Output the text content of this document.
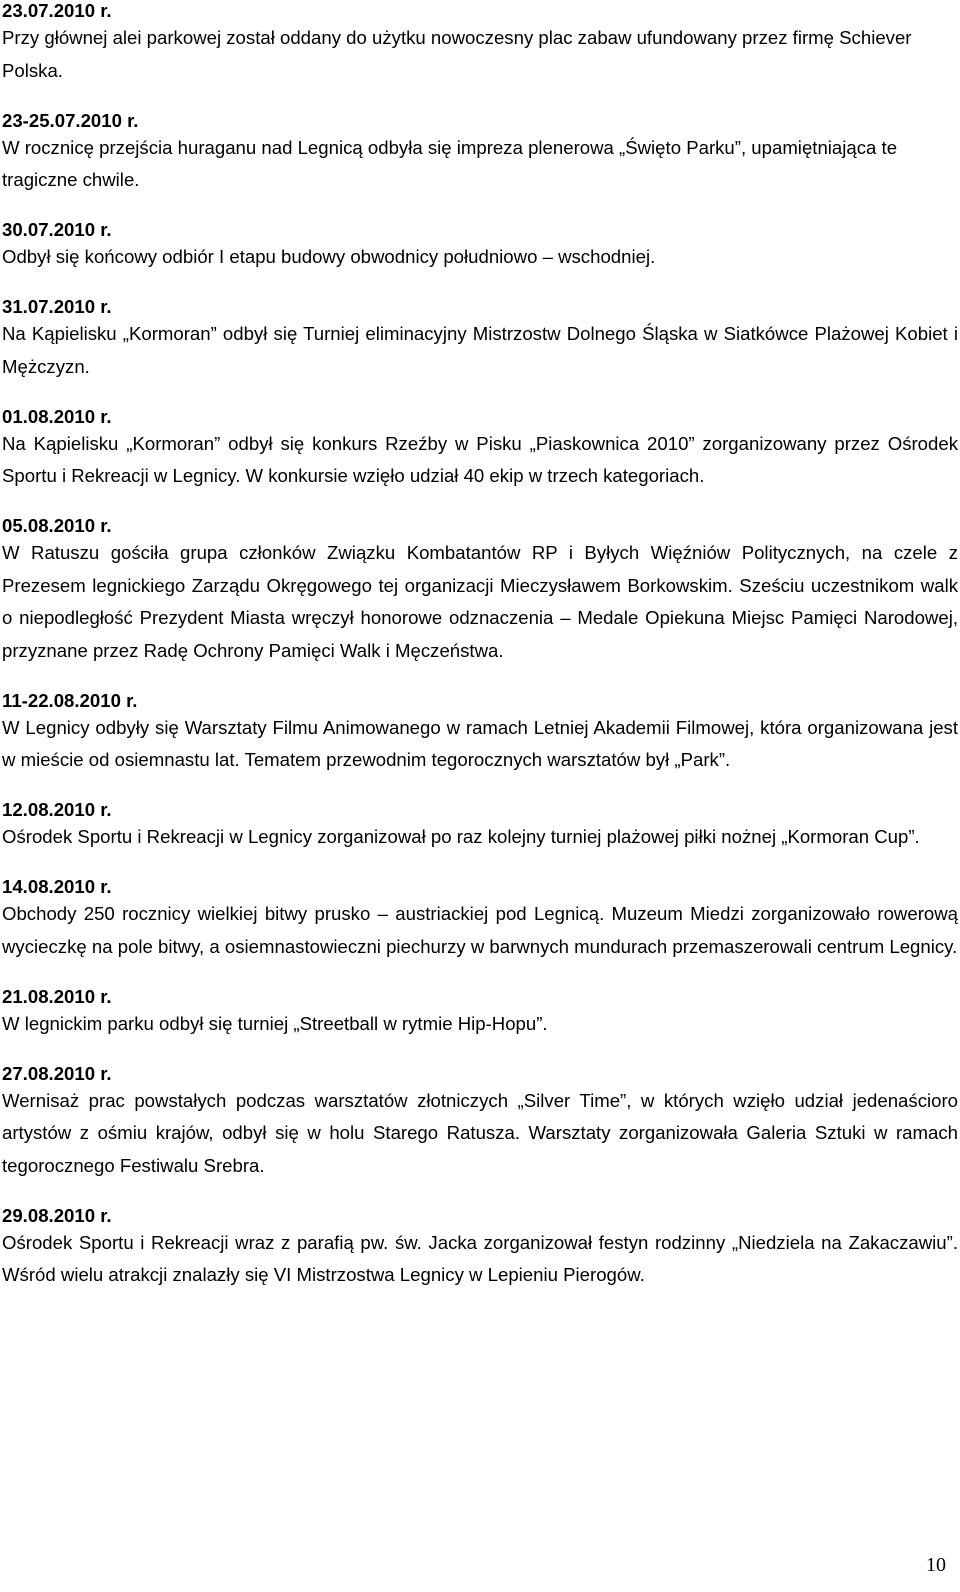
23.07.2010 r.

Przy głównej alei parkowej został oddany do użytku nowoczesny plac zabaw ufundowany przez firmę Schiever Polska.

23-25.07.2010 r.

W rocznicę przejścia huraganu nad Legnicą odbyła się impreza plenerowa „Święto Parku”, upamiętniająca te tragiczne chwile.

30.07.2010 r.

Odbył się końcowy odbiór I etapu budowy obwodnicy południowo – wschodniej.

31.07.2010 r.

Na Kąpielisku „Kormoran” odbył się Turniej eliminacyjny Mistrzostw Dolnego Śląska w Siatkówce Plażowej Kobiet i Mężczyzn.

01.08.2010 r.

Na Kąpielisku „Kormoran” odbył się konkurs Rzeźby w Pisku „Piaskownica 2010” zorganizowany przez Ośrodek Sportu i Rekreacji w Legnicy. W konkursie wzięło udział 40 ekip w trzech kategoriach.

05.08.2010 r.

W Ratuszu gościła grupa członków Związku Kombatantów RP i Byłych Więźniów Politycznych, na czele z Prezesem legnickiego Zarządu Okręgowego tej organizacji Mieczysławem Borkowskim. Sześciu uczestnikom walk o niepodległość Prezydent Miasta wręczył honorowe odznaczenia – Medale Opiekuna Miejsc Pamięci Narodowej, przyznane przez Radę Ochrony Pamięci Walk i Męczeństwa.

11-22.08.2010 r.

W Legnicy odbyły się Warsztaty Filmu Animowanego w ramach Letniej Akademii Filmowej, która organizowana jest w mieście od osiemnastu lat. Tematem przewodnim tegorocznych warsztatów był „Park”.

12.08.2010 r.

Ośrodek Sportu i Rekreacji w Legnicy zorganizował po raz kolejny turniej plażowej piłki nożnej „Kormoran Cup”.

14.08.2010 r.

Obchody 250 rocznicy wielkiej bitwy prusko – austriackiej pod Legnicą. Muzeum Miedzi zorganizowało rowerową wycieczkę na pole bitwy, a osiemnastowieczni piechurzy w barwnych mundurach przemaszerowali centrum Legnicy.

21.08.2010 r.

W legnickim parku odbył się turniej „Streetball w rytmie Hip-Hopu”.

27.08.2010 r.

Wernisaż prac powstałych podczas warsztatów złotniczych „Silver Time”, w których wzięło udział jedenaścioro artystów z ośmiu krajów, odbył się w holu Starego Ratusza. Warsztaty zorganizowała Galeria Sztuki w ramach tegorocznego Festiwalu Srebra.

29.08.2010 r.

Ośrodek Sportu i Rekreacji wraz z parafią pw. św. Jacka zorganizował festyn rodzinny „Niedziela na Zakaczawiu”. Wśród wielu atrakcji znalazły się VI Mistrzostwa Legnicy w Lepieniu Pierogów.

10
